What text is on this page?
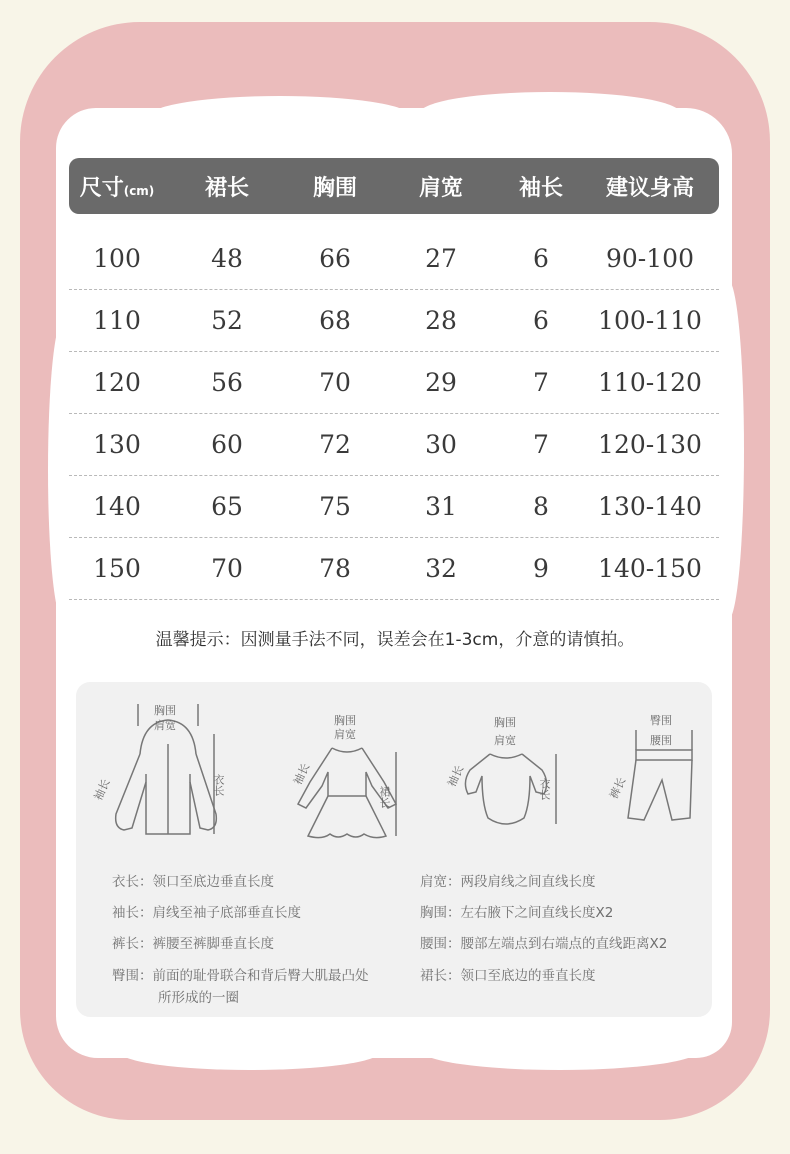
尺寸(cm)	裙长	胸围	肩宽	袖长	建议身高
100	48	66	27	6	90-100
110	52	68	28	6	100-110
120	56	70	29	7	110-120
130	60	72	30	7	120-130
140	65	75	31	8	130-140
150	70	78	32	9	140-150
温馨提示：因测量手法不同，误差会在1-3cm，介意的请慎拍。
胸围
肩宽
袖长	衣长
胸围
肩宽
袖长
裙长
胸围
肩宽
袖长
衣长
臀围
腰围
裤长
衣长：领口至底边垂直长度
袖长：肩线至袖子底部垂直长度
裤长：裤腰至裤脚垂直长度
臀围：前面的耻骨联合和背后臀大肌最凸处
所形成的一圈
肩宽：两段肩线之间直线长度
胸围：左右腋下之间直线长度X2
腰围：腰部左端点到右端点的直线距离X2
裙长：领口至底边的垂直长度
